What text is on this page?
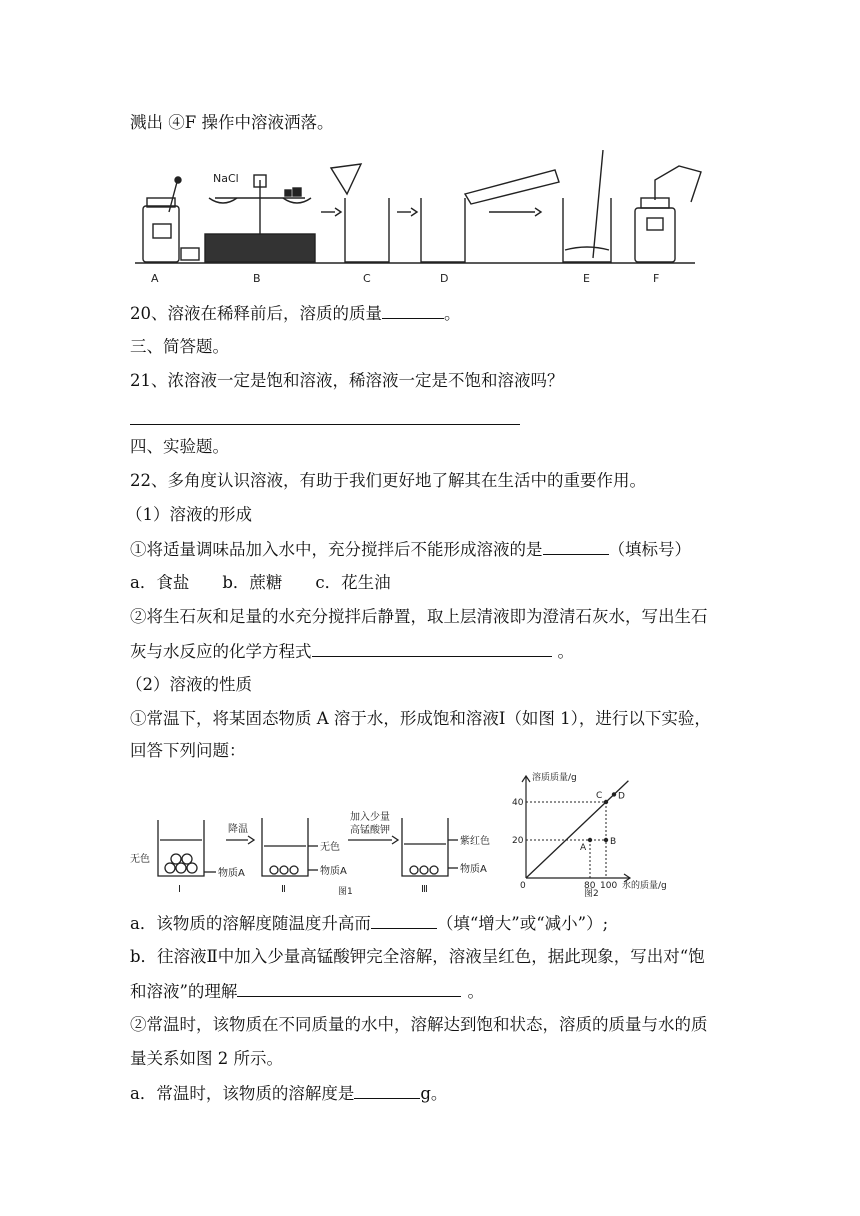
溅出 ④F 操作中溶液洒落。
NaCl
A	B	C	D	E	F
20、溶液在稀释前后，溶质的质量	。
三、简答题。
21、浓溶液一定是饱和溶液，稀溶液一定是不饱和溶液吗？
四、实验题。
22、多角度认识溶液，有助于我们更好地了解其在生活中的重要作用。
（1）溶液的形成
①将适量调味品加入水中，充分搅拌后不能形成溶液的是	（填标号）
a．食盐　　b．蔗糖　　c．花生油
②将生石灰和足量的水充分搅拌后静置，取上层清液即为澄清石灰水，写出生石
灰与水反应的化学方程式	。
（2）溶液的性质
①常温下，将某固态物质 A 溶于水，形成饱和溶液Ⅰ（如图 1），进行以下实验，
回答下列问题：
无色
降温
加入少量
高锰酸钾
紫红色
无色
物质A	物质A	物质A
Ⅰ	Ⅱ	Ⅲ
图1
20
40
80 100
A
B
C D
溶质质量/g
水的质量/g
0
图2
a．该物质的溶解度随温度升高而	（填“增大”或“减小”）;
b．往溶液Ⅱ中加入少量高锰酸钾完全溶解，溶液呈红色，据此现象，写出对“饱
和溶液”的理解	。
②常温时，该物质在不同质量的水中，溶解达到饱和状态，溶质的质量与水的质
量关系如图 2 所示。
a．常温时，该物质的溶解度是	g。
